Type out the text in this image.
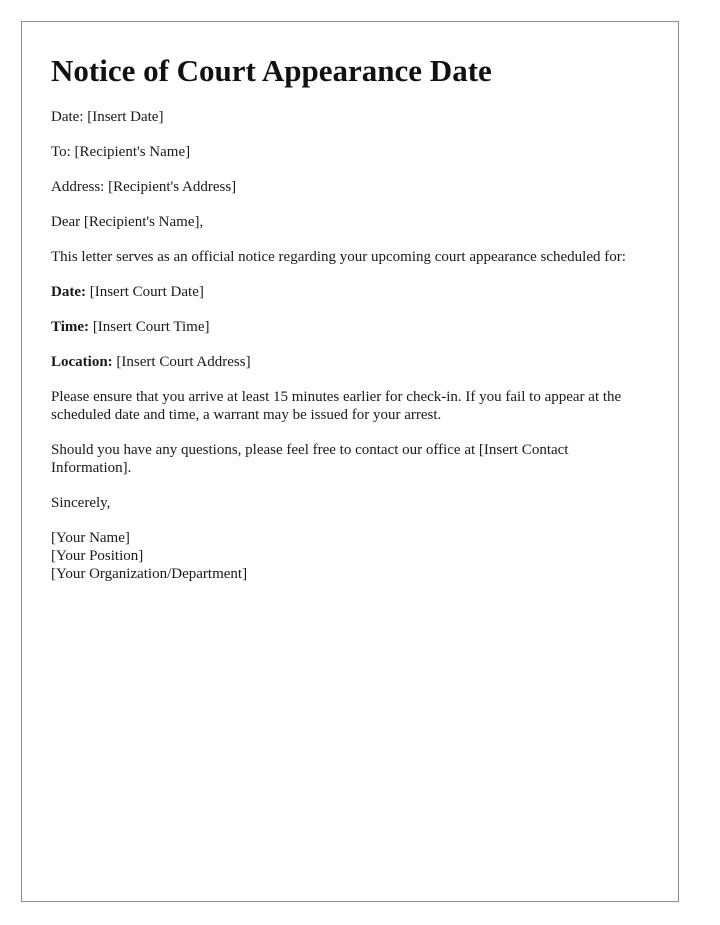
Notice of Court Appearance Date

Date: [Insert Date]

To: [Recipient's Name]

Address: [Recipient's Address]

Dear [Recipient's Name],

This letter serves as an official notice regarding your upcoming court appearance scheduled for:

Date: [Insert Court Date]

Time: [Insert Court Time]

Location: [Insert Court Address]

Please ensure that you arrive at least 15 minutes earlier for check-in. If you fail to appear at the scheduled date and time, a warrant may be issued for your arrest.

Should you have any questions, please feel free to contact our office at [Insert Contact Information].

Sincerely,

[Your Name]
[Your Position]
[Your Organization/Department]
